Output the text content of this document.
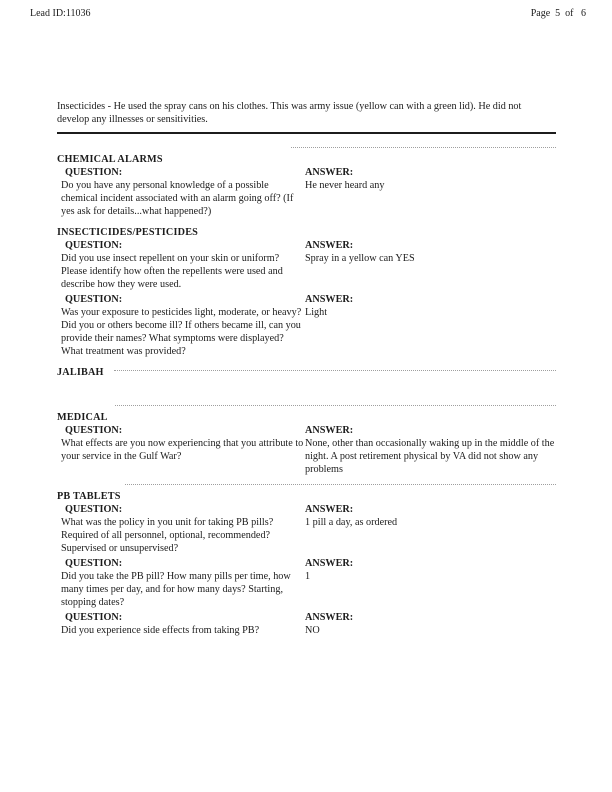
Lead ID:11036	Page  5  of   6
Insecticides - He used the spray cans on his clothes. This was army issue (yellow can with a green lid). He did not develop any illnesses or sensitivities.
CHEMICAL ALARMS
QUESTION:
Do you have any personal knowledge of a possible chemical incident associated with an alarm going off? (If yes ask for details...what happened?)
ANSWER:
He never heard any
INSECTICIDES/PESTICIDES
QUESTION:
Did you use insect repellent on your skin or uniform? Please identify how often the repellents were used and describe how they were used.
ANSWER:
Spray in a yellow can YES
QUESTION:
Was your exposure to pesticides light, moderate, or heavy? Did you or others become ill? If others became ill, can you provide their names? What symptoms were displayed? What treatment was provided?
ANSWER:
Light
JALIBAH
MEDICAL
QUESTION:
What effects are you now experiencing that you attribute to your service in the Gulf War?
ANSWER:
None, other than occasionally waking up in the middle of the night. A post retirement physical by VA did not show any problems
PB TABLETS
QUESTION:
What was the policy in you unit for taking PB pills? Required of all personnel, optional, recommended? Supervised or unsupervised?
ANSWER:
1 pill a day, as ordered
QUESTION:
Did you take the PB pill? How many pills per time, how many times per day, and for how many days? Starting, stopping dates?
ANSWER:
1
QUESTION:
Did you experience side effects from taking PB?
ANSWER:
NO
